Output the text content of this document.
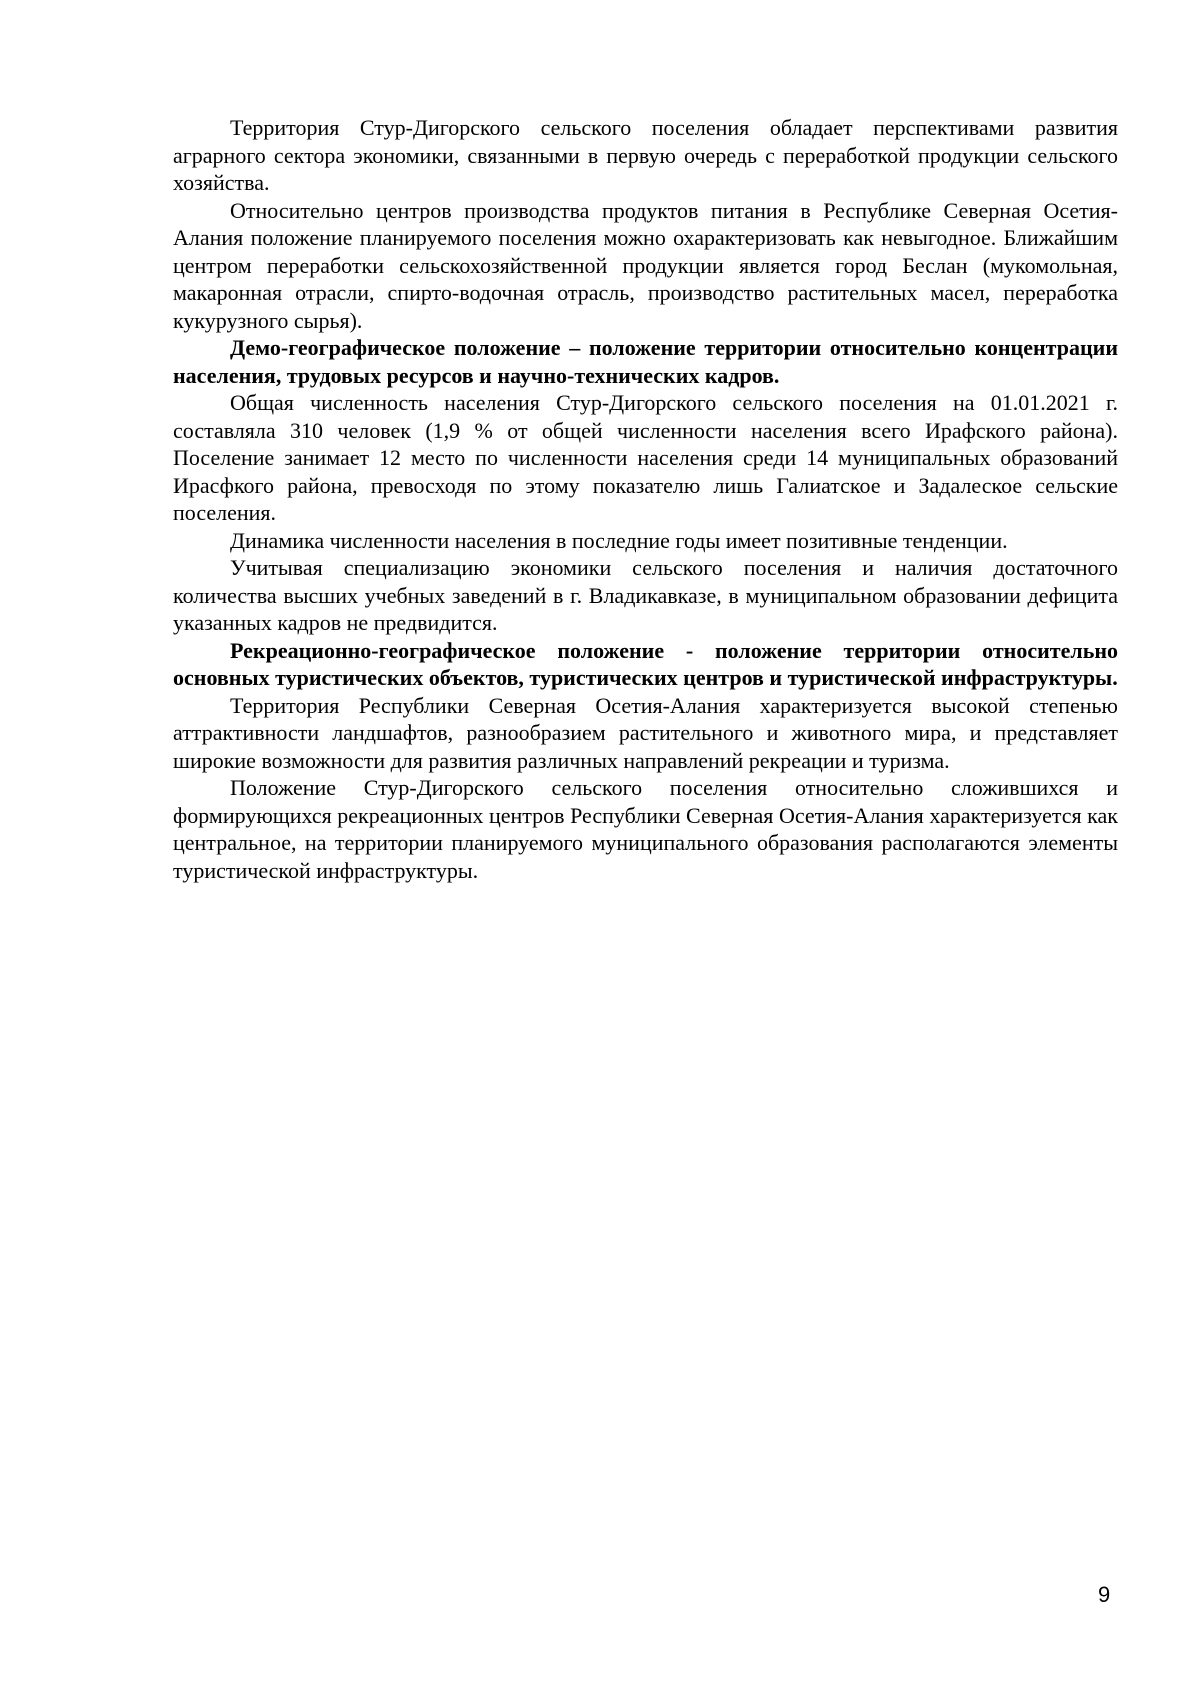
Территория Стур-Дигорского сельского поселения обладает перспективами развития аграрного сектора экономики, связанными в первую очередь с переработкой продукции сельского хозяйства.

Относительно центров производства продуктов питания в Республике Северная Осетия-Алания положение планируемого поселения можно охарактеризовать как невыгодное. Ближайшим центром переработки сельскохозяйственной продукции является город Беслан (мукомольная, макаронная отрасли, спирто-водочная отрасль, производство растительных масел, переработка кукурузного сырья).

Демо-географическое положение – положение территории относительно концентрации населения, трудовых ресурсов и научно-технических кадров.

Общая численность населения Стур-Дигорского сельского поселения на 01.01.2021 г. составляла 310 человек (1,9 % от общей численности населения всего Ирафского района). Поселение занимает 12 место по численности населения среди 14 муниципальных образований Ирасфкого района, превосходя по этому показателю лишь Галиатское и Задалеское сельские поселения.

Динамика численности населения в последние годы имеет позитивные тенденции.

Учитывая специализацию экономики сельского поселения и наличия достаточного количества высших учебных заведений в г. Владикавказе, в муниципальном образовании дефицита указанных кадров не предвидится.

Рекреационно-географическое положение - положение территории относительно основных туристических объектов, туристических центров и туристической инфраструктуры.

Территория Республики Северная Осетия-Алания характеризуется высокой степенью аттрактивности ландшафтов, разнообразием растительного и животного мира, и представляет широкие возможности для развития различных направлений рекреации и туризма.

Положение Стур-Дигорского сельского поселения относительно сложившихся и формирующихся рекреационных центров Республики Северная Осетия-Алания характеризуется как центральное, на территории планируемого муниципального образования располагаются элементы туристической инфраструктуры.

9
